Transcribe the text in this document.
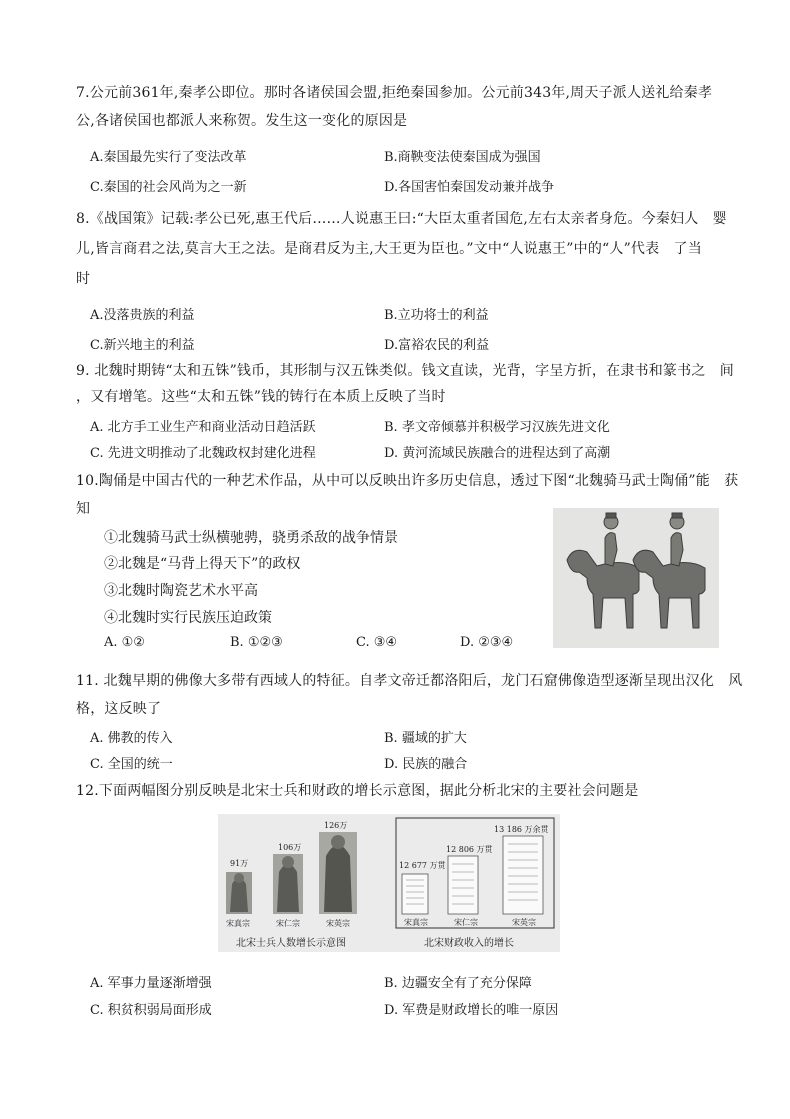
7.公元前361年,秦孝公即位。那时各诸侯国会盟,拒绝秦国参加。公元前343年,周天子派人送礼给秦孝
公,各诸侯国也都派人来称贺。发生这一变化的原因是
A.秦国最先实行了变法改革	B.商鞅变法使秦国成为强国
C.秦国的社会风尚为之一新	D.各国害怕秦国发动兼并战争
8.《战国策》记载:孝公已死,惠王代后……人说惠王曰:“大臣太重者国危,左右太亲者身危。今秦妇人　婴
儿,皆言商君之法,莫言大王之法。是商君反为主,大王更为臣也。”文中“人说惠王”中的“人”代表　了当
时
A.没落贵族的利益	B.立功将士的利益
C.新兴地主的利益	D.富裕农民的利益
9. 北魏时期铸“太和五铢”钱币，其形制与汉五铢类似。钱文直读，光背，字呈方折，在隶书和篆书之　间
，又有增笔。这些“太和五铢”钱的铸行在本质上反映了当时
A. 北方手工业生产和商业活动日趋活跃	B. 孝文帝倾慕并积极学习汉族先进文化
C. 先进文明推动了北魏政权封建化进程	D. 黄河流域民族融合的进程达到了高潮
10.陶俑是中国古代的一种艺术作品，从中可以反映出许多历史信息，透过下图“北魏骑马武士陶俑”能　获
知
①北魏骑马武士纵横驰骋，骁勇杀敌的战争情景
②北魏是“马背上得天下”的政权
③北魏时陶瓷艺术水平高
④北魏时实行民族压迫政策
A. ①②	B. ①②③	C. ③④	D. ②③④
11. 北魏早期的佛像大多带有西域人的特征。自孝文帝迁都洛阳后，龙门石窟佛像造型逐渐呈现出汉化　风
格，这反映了
A. 佛教的传入	B. 疆域的扩大
C. 全国的统一	D. 民族的融合
12.下面两幅图分别反映是北宋士兵和财政的增长示意图，据此分析北宋的主要社会问题是
91万
106万
126万
宋真宗	宋仁宗	宋英宗
北宋士兵人数增长示意图
12 677 万贯
12 806 万贯
13 186 万余贯
宋真宗	宋仁宗	宋英宗
北宋财政收入的增长
A. 军事力量逐渐增强	B. 边疆安全有了充分保障
C. 积贫积弱局面形成	D. 军费是财政增长的唯一原因
